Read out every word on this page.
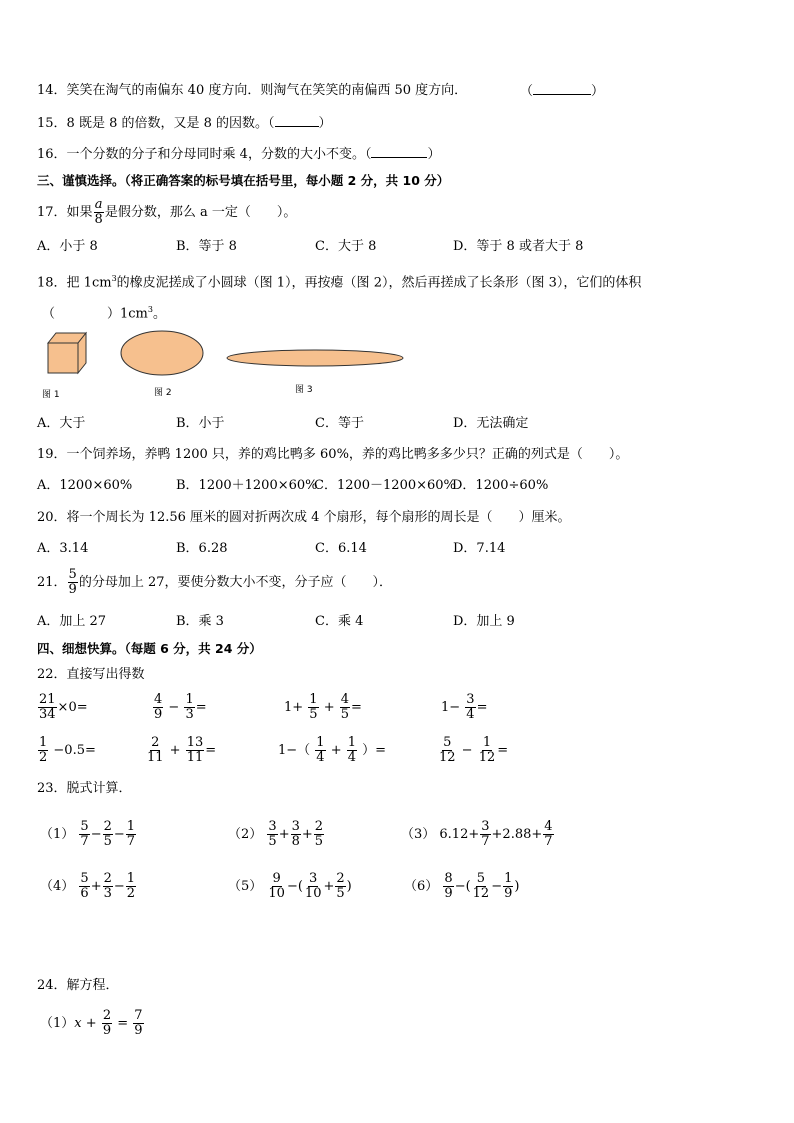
14．笑笑在淘气的南偏东 40 度方向．则淘气在笑笑的南偏西 50 度方向．	（	）
15．8 既是 8 的倍数，又是 8 的因数。（	）
16．一个分数的分子和分母同时乘 4，分数的大小不变。（	）
三、谨慎选择。（将正确答案的标号填在括号里，每小题 2 分，共 10 分）
17．如果 $\frac{a}{8}$ 是假分数，那么 a 一定（　　）。
A．小于 8	B．等于 8	C．大于 8	D．等于 8 或者大于 8
18．把 $1cm^3$的橡皮泥搓成了小圆球（图 1），再按瘪（图 2），然后再搓成了长条形（图 3），它们的体积
（　　　　）$1cm^3$。
图 1	图 2	图 3
A．大于	B．小于	C．等于	D．无法确定
19．一个饲养场，养鸭 1200 只，养的鸡比鸭多 60%，养的鸡比鸭多多少只？正确的列式是（　　）。
A．1200×60%	B．1200＋1200×60%
C．1200－1200×60%
D．1200÷60%
20．将一个周长为 12.56 厘米的圆对折两次成 4 个扇形，每个扇形的周长是（　　）厘米。
A．3.14	B．6.28	C．6.14	D．7.14
21． $\frac{5}{9}$ 的分母加上 27，要使分数大小不变，分子应（　　）．
A．加上 27	B．乘 3	C．乘 4	D．加上 9
四、细想快算。（每题 6 分，共 24 分）
22．直接写出得数
$\frac{21}{34} \times 0=$	$\frac{4}{9} - \frac{1}{3}$ =	$1+ \frac{1}{5} + \frac{4}{5}$ =	$1- \frac{3}{4}$ =
$\frac{1}{2} -0.5=$	$\frac{2}{11} + \frac{13}{11}$ =	$1-( \frac{1}{4} + \frac{1}{4}$ ）=	$\frac{5}{12} - \frac{1}{12}$ =
23．脱式计算．
$(1) \frac{5}{7} - \frac{2}{5} - \frac{1}{7}$	$(2) \frac{3}{5} + \frac{3}{8} + \frac{2}{5}$	（3） $6.12+ \frac{3}{7} +2.88+ \frac{4}{7}$
$(4) \frac{5}{6} + \frac{2}{3} - \frac{1}{2}$	$(5) \frac{9}{10}$ −( $\frac{3}{10} + \frac{2}{5}$ )	$(6) \frac{8}{9}$ −( $\frac{5}{12} - \frac{1}{9}$ )
24．解方程．
$(1)x + \frac{2}{9} = \frac{7}{9}$
